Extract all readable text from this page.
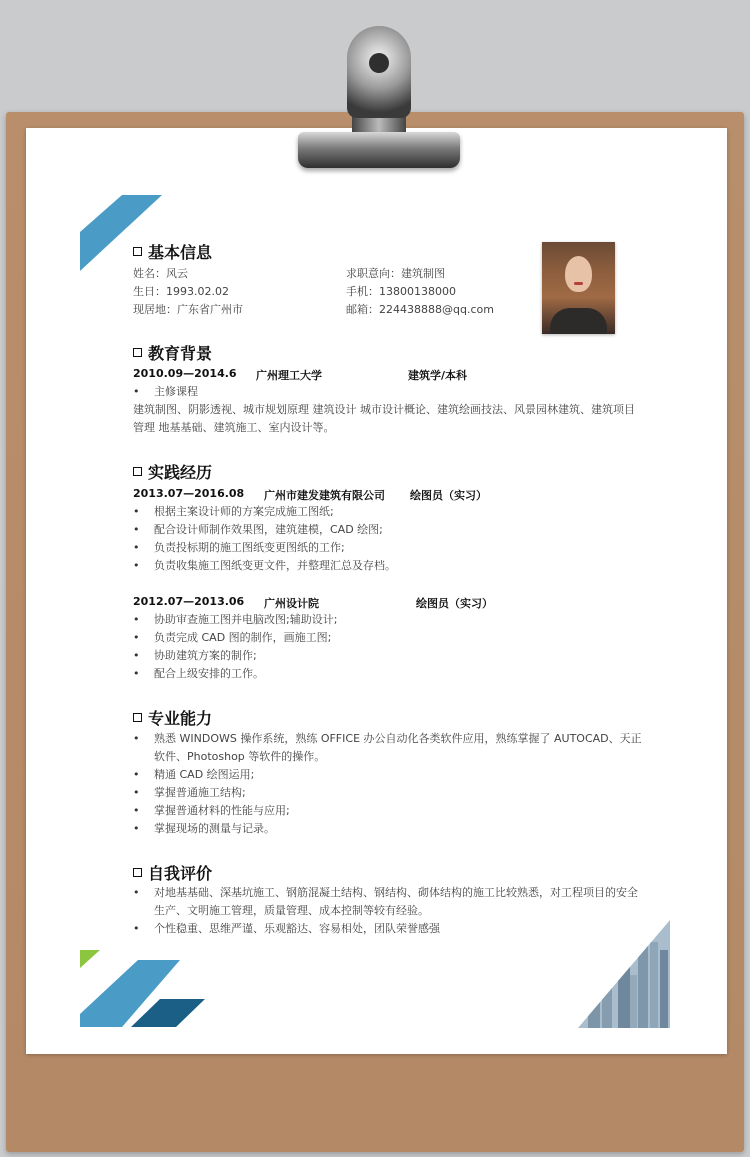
基本信息
姓名：风云
生日：1993.02.02
现居地：广东省广州市
求职意向：建筑制图
手机：13800138000
邮箱：224438888@qq.com
教育背景
2010.09—2014.6 广州理工大学	建筑学/本科
• 主修课程
建筑制图、阴影透视、城市规划原理 建筑设计 城市设计概论、建筑绘画技法、风景园林建筑、建筑项目
管理 地基基础、建筑施工、室内设计等。
实践经历
2013.07—2016.08 广州市建发建筑有限公司 绘图员（实习）
• 根据主案设计师的方案完成施工图纸;
• 配合设计师制作效果图，建筑建模，CAD 绘图;
• 负责投标期的施工图纸变更图纸的工作;
• 负责收集施工图纸变更文件，并整理汇总及存档。
2012.07—2013.06 广州设计院	绘图员（实习）
• 协助审查施工图并电脑改图;辅助设计;
• 负责完成 CAD 图的制作，画施工图;
• 协助建筑方案的制作;
• 配合上级安排的工作。
专业能力
• 熟悉 WINDOWS 操作系统，熟练 OFFICE 办公自动化各类软件应用，熟练掌握了 AUTOCAD、天正
软件、Photoshop 等软件的操作。
• 精通 CAD 绘图运用;
• 掌握普通施工结构;
• 掌握普通材料的性能与应用;
• 掌握现场的测量与记录。
自我评价
• 对地基基础、深基坑施工、钢筋混凝土结构、钢结构、砌体结构的施工比较熟悉，对工程项目的安全
生产、文明施工管理，质量管理、成本控制等较有经验。
• 个性稳重、思维严谨、乐观豁达、容易相处，团队荣誉感强
